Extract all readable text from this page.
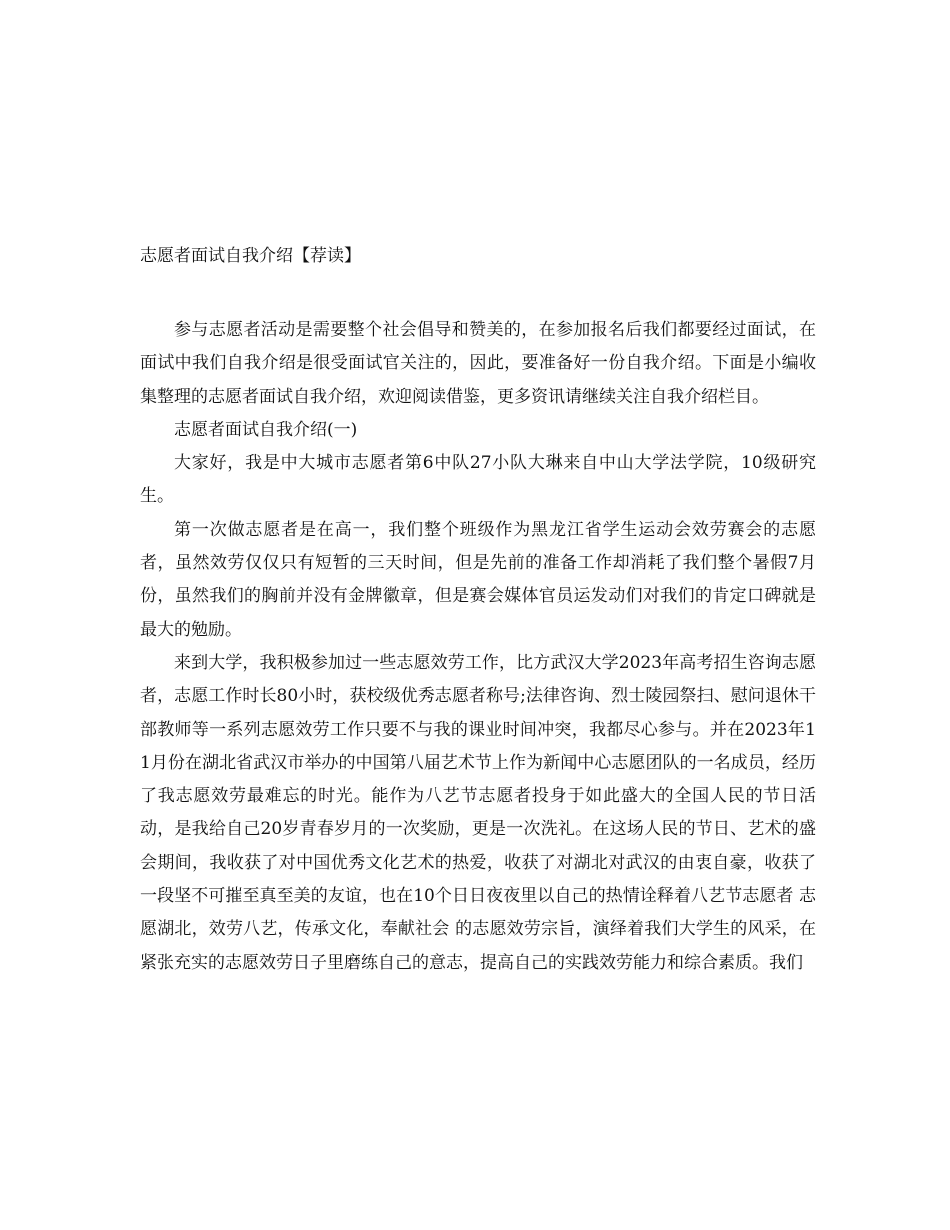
志愿者面试自我介绍【荐读】

参与志愿者活动是需要整个社会倡导和赞美的，在参加报名后我们都要经过面试，在面试中我们自我介绍是很受面试官关注的，因此，要准备好一份自我介绍。下面是小编收集整理的志愿者面试自我介绍，欢迎阅读借鉴，更多资讯请继续关注自我介绍栏目。

志愿者面试自我介绍(一)

大家好，我是中大城市志愿者第6中队27小队大琳来自中山大学法学院，10级研究生。

第一次做志愿者是在高一，我们整个班级作为黑龙江省学生运动会效劳赛会的志愿者，虽然效劳仅仅只有短暂的三天时间，但是先前的准备工作却消耗了我们整个暑假7月份，虽然我们的胸前并没有金牌徽章，但是赛会媒体官员运发动们对我们的肯定口碑就是最大的勉励。

来到大学，我积极参加过一些志愿效劳工作，比方武汉大学2023年高考招生咨询志愿者，志愿工作时长80小时，获校级优秀志愿者称号;法律咨询、烈士陵园祭扫、慰问退休干部教师等一系列志愿效劳工作只要不与我的课业时间冲突，我都尽心参与。并在2023年11月份在湖北省武汉市举办的中国第八届艺术节上作为新闻中心志愿团队的一名成员，经历了我志愿效劳最难忘的时光。能作为八艺节志愿者投身于如此盛大的全国人民的节日活动，是我给自己20岁青春岁月的一次奖励，更是一次洗礼。在这场人民的节日、艺术的盛会期间，我收获了对中国优秀文化艺术的热爱，收获了对湖北对武汉的由衷自豪，收获了一段坚不可摧至真至美的友谊，也在10个日日夜夜里以自己的热情诠释着八艺节志愿者 志愿湖北，效劳八艺，传承文化，奉献社会 的志愿效劳宗旨，演绎着我们大学生的风采，在紧张充实的志愿效劳日子里磨练自己的意志，提高自己的实践效劳能力和综合素质。我们
